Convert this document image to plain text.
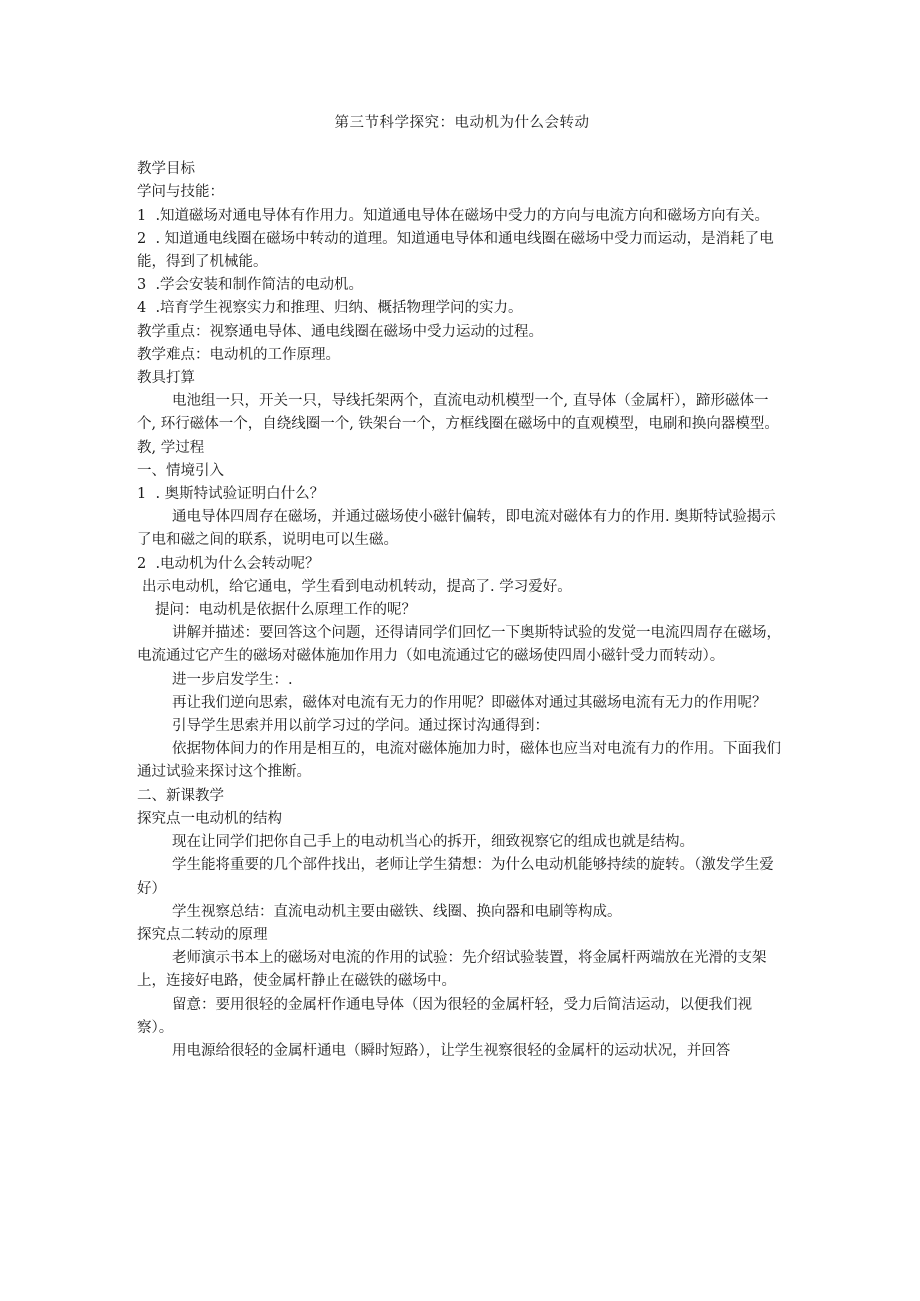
第三节科学探究：电动机为什么会转动

教学目标

学问与技能：

1  .知道磁场对通电导体有作用力。知道通电导体在磁场中受力的方向与电流方向和磁场方向有关。

2  . 知道通电线圈在磁场中转动的道理。知道通电导体和通电线圈在磁场中受力而运动，是消耗了电能，得到了机械能。

3  .学会安装和制作简洁的电动机。

4  .培育学生视察实力和推理、归纳、概括物理学问的实力。

教学重点：视察通电导体、通电线圈在磁场中受力运动的过程。

教学难点：电动机的工作原理。

教具打算

电池组一只，开关一只，导线托架两个，直流电动机模型一个, 直导体（金属杆），蹄形磁体一个, 环行磁体一个，自绕线圈一个, 铁架台一个，方框线圈在磁场中的直观模型，电刷和换向器模型。

教, 学过程

一、情境引入

1  . 奥斯特试验证明白什么？

通电导体四周存在磁场，并通过磁场使小磁针偏转，即电流对磁体有力的作用. 奥斯特试验揭示了电和磁之间的联系，说明电可以生磁。

2  .电动机为什么会转动呢？

出示电动机，给它通电，学生看到电动机转动，提高了. 学习爱好。

提问：电动机是依据什么原理工作的呢？

讲解并描述：要回答这个问题，还得请同学们回忆一下奥斯特试验的发觉一电流四周存在磁场，电流通过它产生的磁场对磁体施加作用力（如电流通过它的磁场使四周小磁针受力而转动）。

进一步启发学生：.

再让我们逆向思索，磁体对电流有无力的作用呢？即磁体对通过其磁场电流有无力的作用呢？

引导学生思索并用以前学习过的学问。通过探讨沟通得到：

依据物体间力的作用是相互的，电流对磁体施加力时，磁体也应当对电流有力的作用。下面我们通过试验来探讨这个推断。

二、新课教学

探究点一电动机的结构

现在让同学们把你自己手上的电动机当心的拆开，细致视察它的组成也就是结构。

学生能将重要的几个部件找出，老师让学生猜想：为什么电动机能够持续的旋转。（激发学生爱好）

学生视察总结：直流电动机主要由磁铁、线圈、换向器和电刷等构成。

探究点二转动的原理

老师演示书本上的磁场对电流的作用的试验：先介绍试验装置，将金属杆两端放在光滑的支架上，连接好电路，使金属杆静止在磁铁的磁场中。

留意：要用很轻的金属杆作通电导体（因为很轻的金属杆轻，受力后简洁运动，以便我们视察）。

用电源给很轻的金属杆通电（瞬时短路），让学生视察很轻的金属杆的运动状况，并回答
